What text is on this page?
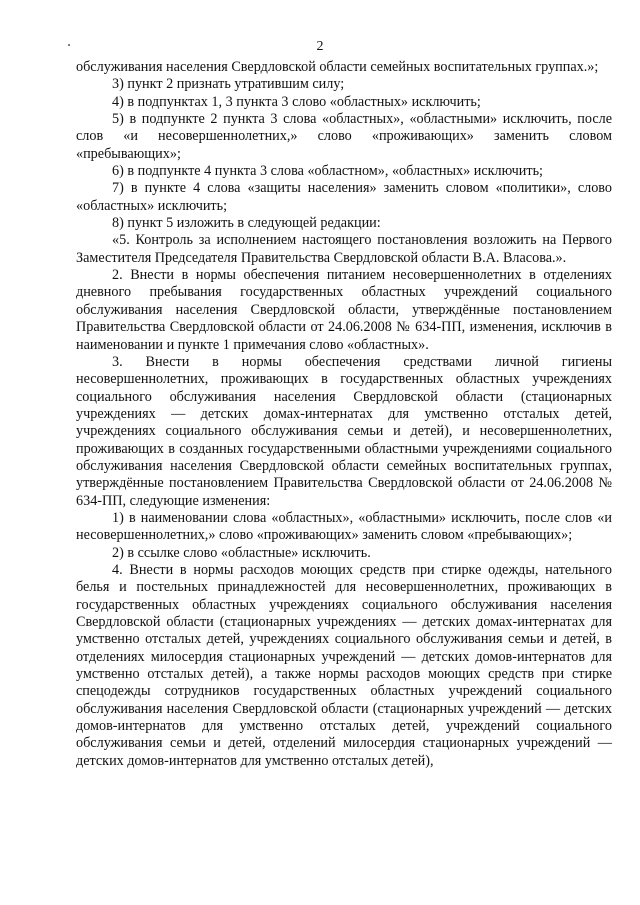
2

обслуживания населения Свердловской области семейных воспитательных группах.»;

3) пункт 2 признать утратившим силу;

4) в подпунктах 1, 3 пункта 3 слово «областных» исключить;

5) в подпункте 2 пункта 3 слова «областных», «областными» исключить, после слов «и несовершеннолетних,» слово «проживающих» заменить словом «пребывающих»;

6) в подпункте 4 пункта 3 слова «областном», «областных» исключить;

7) в пункте 4 слова «защиты населения» заменить словом «политики», слово «областных» исключить;

8) пункт 5 изложить в следующей редакции:

«5. Контроль за исполнением настоящего постановления возложить на Первого Заместителя Председателя Правительства Свердловской области В.А. Власова.».

2. Внести в нормы обеспечения питанием несовершеннолетних в отделениях дневного пребывания государственных областных учреждений социального обслуживания населения Свердловской области, утверждённые постановлением Правительства Свердловской области от 24.06.2008 № 634-ПП, изменения, исключив в наименовании и пункте 1 примечания слово «областных».

3. Внести в нормы обеспечения средствами личной гигиены несовершеннолетних, проживающих в государственных областных учреждениях социального обслуживания населения Свердловской области (стационарных учреждениях — детских домах-интернатах для умственно отсталых детей, учреждениях социального обслуживания семьи и детей), и несовершеннолетних, проживающих в созданных государственными областными учреждениями социального обслуживания населения Свердловской области семейных воспитательных группах, утверждённые постановлением Правительства Свердловской области от 24.06.2008 № 634-ПП, следующие изменения:

1) в наименовании слова «областных», «областными» исключить, после слов «и несовершеннолетних,» слово «проживающих» заменить словом «пребывающих»;

2) в ссылке слово «областные» исключить.

4. Внести в нормы расходов моющих средств при стирке одежды, нательного белья и постельных принадлежностей для несовершеннолетних, проживающих в государственных областных учреждениях социального обслуживания населения Свердловской области (стационарных учреждениях — детских домах-интернатах для умственно отсталых детей, учреждениях социального обслуживания семьи и детей, в отделениях милосердия стационарных учреждений — детских домов-интернатов для умственно отсталых детей), а также нормы расходов моющих средств при стирке спецодежды сотрудников государственных областных учреждений социального обслуживания населения Свердловской области (стационарных учреждений — детских домов-интернатов для умственно отсталых детей, учреждений социального обслуживания семьи и детей, отделений милосердия стационарных учреждений — детских домов-интернатов для умственно отсталых детей),
